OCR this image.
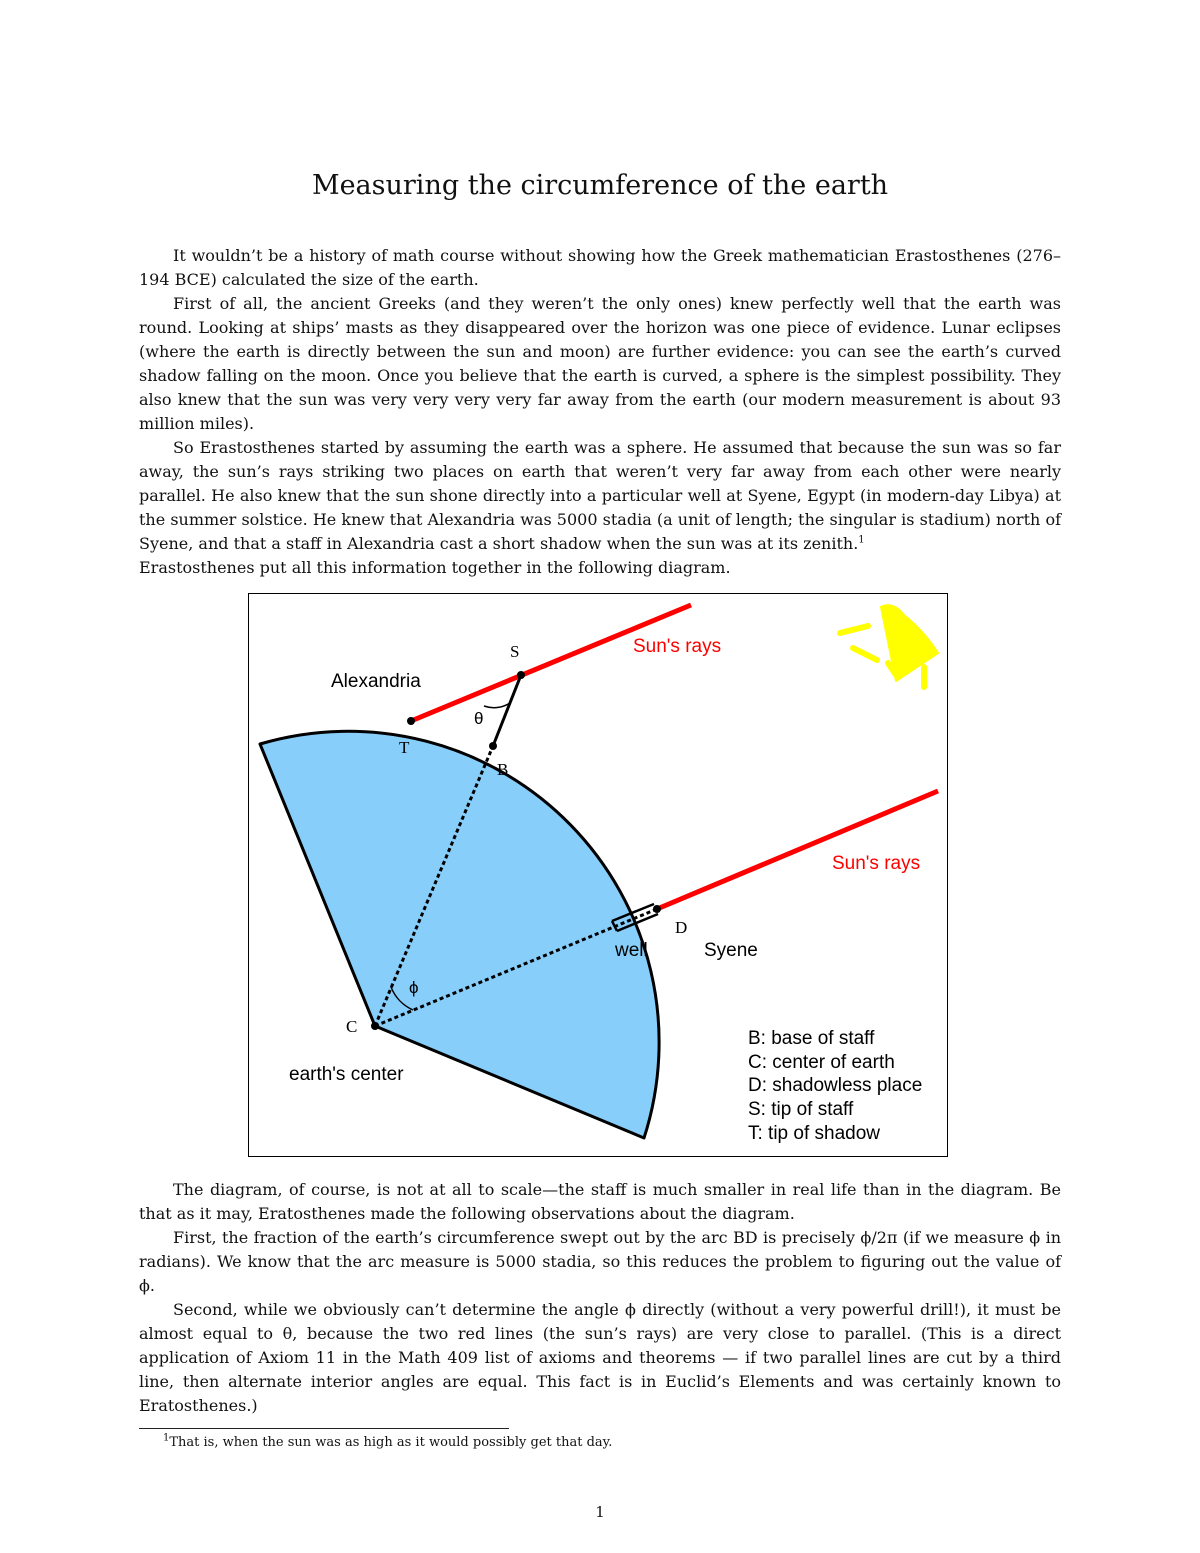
Measuring the circumference of the earth

It wouldn’t be a history of math course without showing how the Greek mathematician Erastosthenes (276–194 BCE) calculated the size of the earth.

First of all, the ancient Greeks (and they weren’t the only ones) knew perfectly well that the earth was round. Looking at ships’ masts as they disappeared over the horizon was one piece of evidence. Lunar eclipses (where the earth is directly between the sun and moon) are further evidence: you can see the earth’s curved shadow falling on the moon. Once you believe that the earth is curved, a sphere is the simplest possibility. They also knew that the sun was very very very very far away from the earth (our modern measurement is about 93 million miles).

So Erastosthenes started by assuming the earth was a sphere. He assumed that because the sun was so far away, the sun’s rays striking two places on earth that weren’t very far away from each other were nearly parallel. He also knew that the sun shone directly into a particular well at Syene, Egypt (in modern-day Libya) at the summer solstice. He knew that Alexandria was 5000 stadia (a unit of length; the singular is stadium) north of Syene, and that a staff in Alexandria cast a short shadow when the sun was at its zenith.$^1$

Erastosthenes put all this information together in the following diagram.

Sun's rays
Sun's rays
Alexandria
Syene
well
earth's center
θ
ϕ
S
T
B
D
C
B: base of staff
C: center of earth
D: shadowless place
S: tip of staff
T: tip of shadow

The diagram, of course, is not at all to scale—the staff is much smaller in real life than in the diagram. Be that as it may, Eratosthenes made the following observations about the diagram.

First, the fraction of the earth’s circumference swept out by the arc BD is precisely ϕ/2π (if we measure ϕ in radians). We know that the arc measure is 5000 stadia, so this reduces the problem to figuring out the value of ϕ.

Second, while we obviously can’t determine the angle ϕ directly (without a very powerful drill!), it must be almost equal to θ, because the two red lines (the sun’s rays) are very close to parallel. (This is a direct application of Axiom 11 in the Math 409 list of axioms and theorems — if two parallel lines are cut by a third line, then alternate interior angles are equal. This fact is in Euclid’s Elements and was certainly known to Eratosthenes.)

$^1$That is, when the sun was as high as it would possibly get that day.

1
